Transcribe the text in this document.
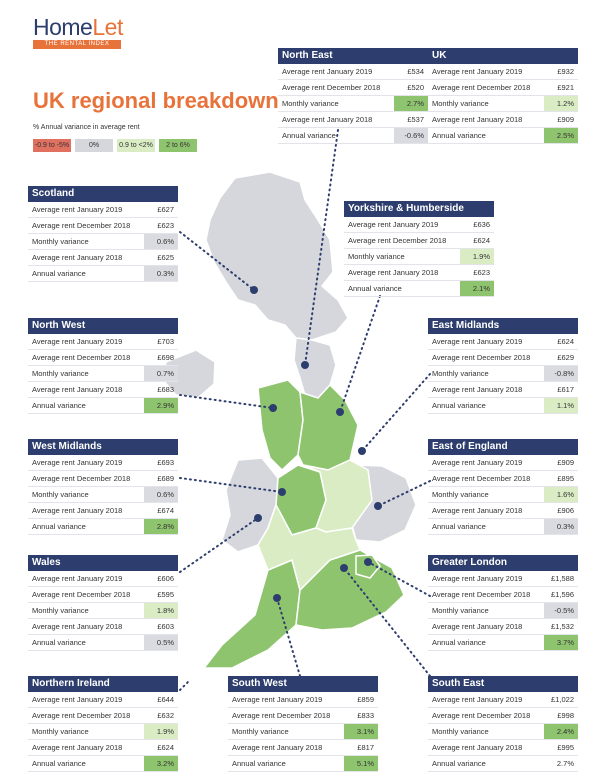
HomeLet
THE RENTAL INDEX
UK regional breakdown
% Annual variance in average rent
-0.9 to -5%	0%	0.9 to <2%	2 to 6%
North East
Average rent January 2019	£534
Average rent December 2018	£520
Monthly variance	2.7%
Average rent January 2018	£537
Annual variance	-0.6%
UK
Average rent January 2019	£932
Average rent December 2018	£921
Monthly variance	1.2%
Average rent January 2018	£909
Annual variance	2.5%
Scotland
Average rent January 2019	£627
Average rent December 2018	£623
Monthly variance	0.6%
Average rent January 2018	£625
Annual variance	0.3%
Yorkshire & Humberside
Average rent January 2019	£636
Average rent December 2018	£624
Monthly variance	1.9%
Average rent January 2018	£623
Annual variance	2.1%
North West
Average rent January 2019	£703
Average rent December 2018	£698
Monthly variance	0.7%
Average rent January 2018	£683
Annual variance	2.9%
East Midlands
Average rent January 2019	£624
Average rent December 2018	£629
Monthly variance	-0.8%
Average rent January 2018	£617
Annual variance	1.1%
West Midlands
Average rent January 2019	£693
Average rent December 2018	£689
Monthly variance	0.6%
Average rent January 2018	£674
Annual variance	2.8%
East of England
Average rent January 2019	£909
Average rent December 2018	£895
Monthly variance	1.6%
Average rent January 2018	£906
Annual variance	0.3%
Wales
Average rent January 2019	£606
Average rent December 2018	£595
Monthly variance	1.8%
Average rent January 2018	£603
Annual variance	0.5%
Greater London
Average rent January 2019	£1,588
Average rent December 2018	£1,596
Monthly variance	-0.5%
Average rent January 2018	£1,532
Annual variance	3.7%
Northern Ireland
Average rent January 2019	£644
Average rent December 2018	£632
Monthly variance	1.9%
Average rent January 2018	£624
Annual variance	3.2%
South West
Average rent January 2019	£859
Average rent December 2018	£833
Monthly variance	3.1%
Average rent January 2018	£817
Annual variance	5.1%
South East
Average rent January 2019	£1,022
Average rent December 2018	£998
Monthly variance	2.4%
Average rent January 2018	£995
Annual variance	2.7%
